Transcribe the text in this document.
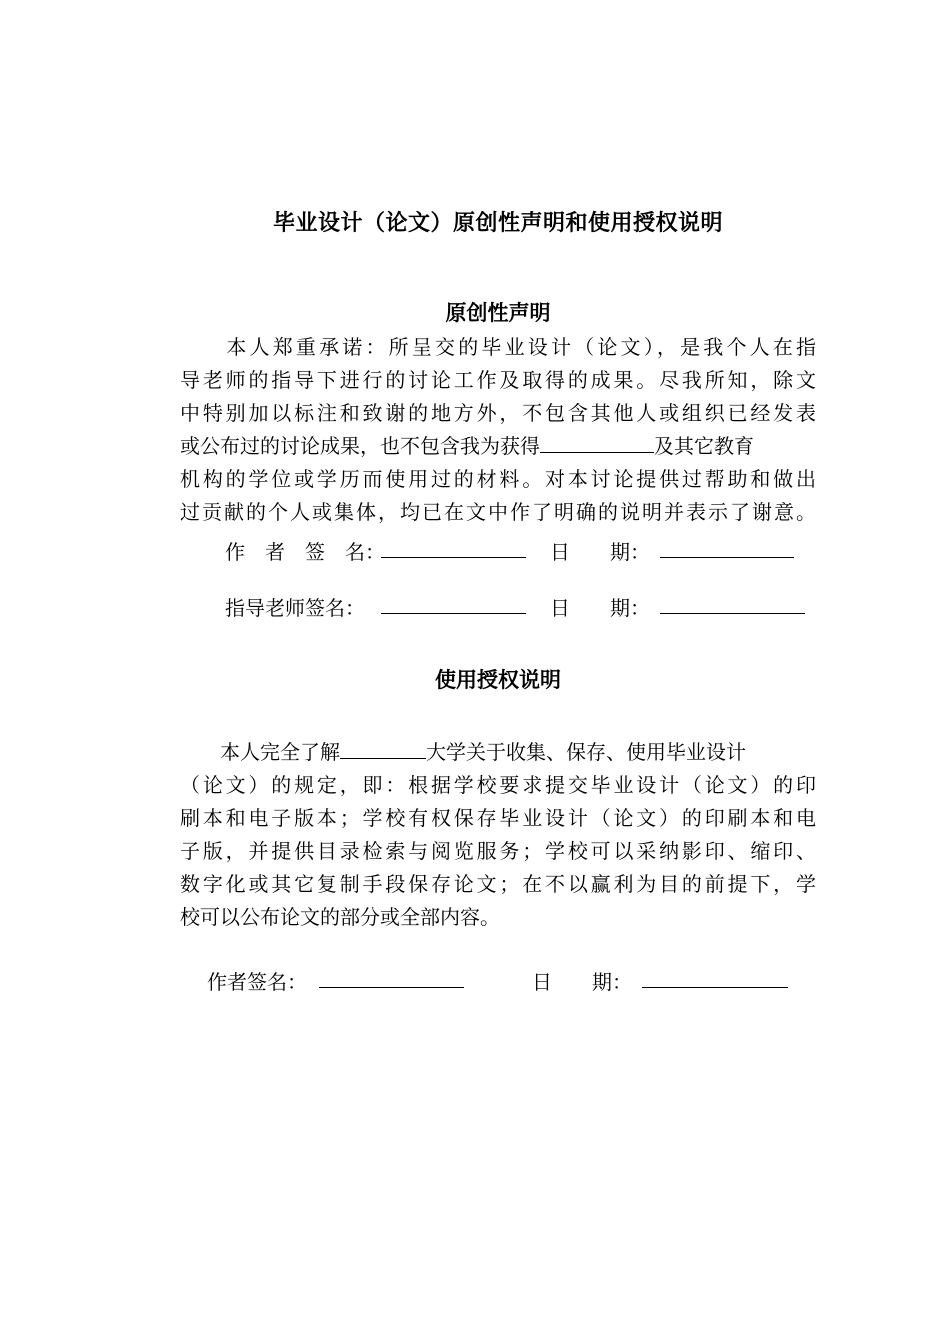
毕业设计（论文）原创性声明和使用授权说明
原创性声明
　　本人郑重承诺：所呈交的毕业设计（论文），是我个人在指
导老师的指导下进行的讨论工作及取得的成果。尽我所知，除文
中特别加以标注和致谢的地方外，不包含其他人或组织已经发表
或公布过的讨论成果，也不包含我为获得	及其它教育
机构的学位或学历而使用过的材料。对本讨论提供过帮助和做出
过贡献的个人或集体，均已在文中作了明确的说明并表示了谢意。
作　者　签　名：	日　　期：
指导老师签名：	日　　期：
使用授权说明
　　本人完全了解	大学关于收集、保存、使用毕业设计
（论文）的规定，即：根据学校要求提交毕业设计（论文）的印
刷本和电子版本；学校有权保存毕业设计（论文）的印刷本和电
子版，并提供目录检索与阅览服务；学校可以采纳影印、缩印、
数字化或其它复制手段保存论文；在不以赢利为目的前提下，学
校可以公布论文的部分或全部内容。
作者签名：	日　　期：
